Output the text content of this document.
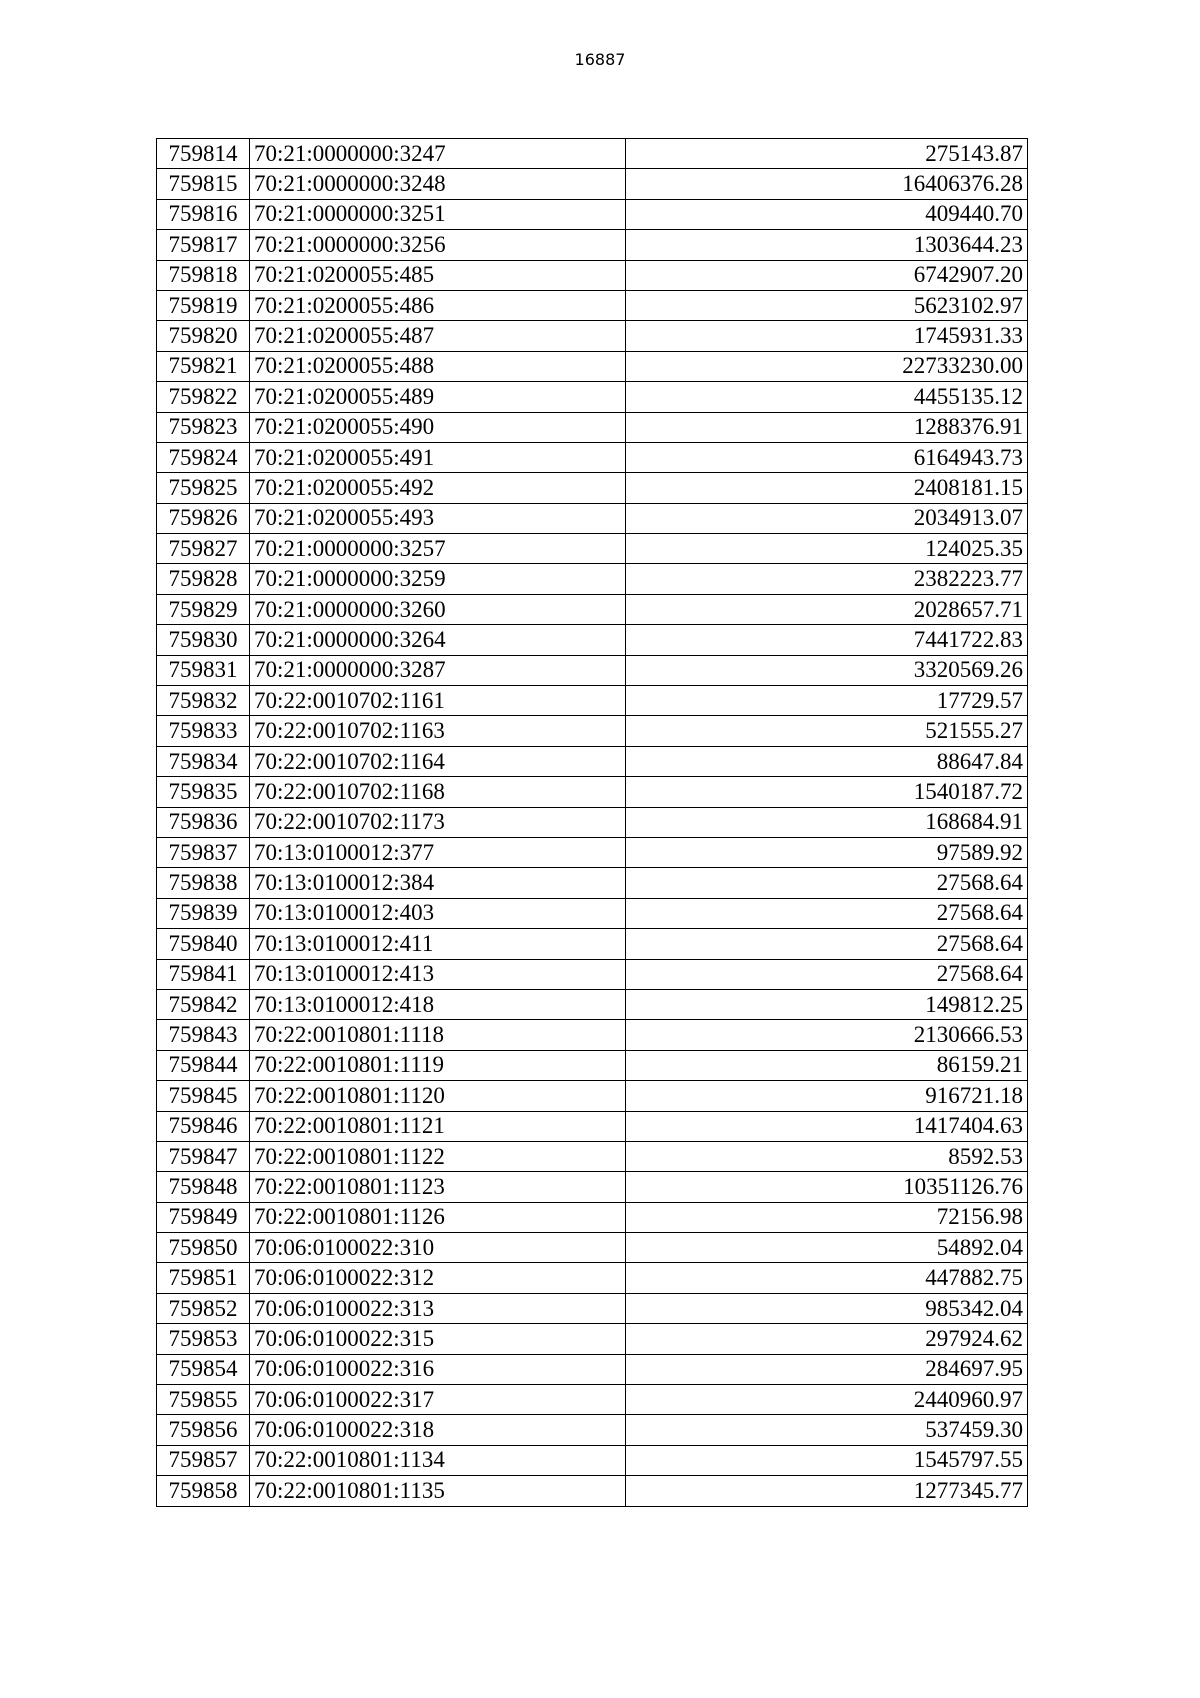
16887
759814	70:21:0000000:3247	275143.87
759815	70:21:0000000:3248	16406376.28
759816	70:21:0000000:3251	409440.70
759817	70:21:0000000:3256	1303644.23
759818	70:21:0200055:485	6742907.20
759819	70:21:0200055:486	5623102.97
759820	70:21:0200055:487	1745931.33
759821	70:21:0200055:488	22733230.00
759822	70:21:0200055:489	4455135.12
759823	70:21:0200055:490	1288376.91
759824	70:21:0200055:491	6164943.73
759825	70:21:0200055:492	2408181.15
759826	70:21:0200055:493	2034913.07
759827	70:21:0000000:3257	124025.35
759828	70:21:0000000:3259	2382223.77
759829	70:21:0000000:3260	2028657.71
759830	70:21:0000000:3264	7441722.83
759831	70:21:0000000:3287	3320569.26
759832	70:22:0010702:1161	17729.57
759833	70:22:0010702:1163	521555.27
759834	70:22:0010702:1164	88647.84
759835	70:22:0010702:1168	1540187.72
759836	70:22:0010702:1173	168684.91
759837	70:13:0100012:377	97589.92
759838	70:13:0100012:384	27568.64
759839	70:13:0100012:403	27568.64
759840	70:13:0100012:411	27568.64
759841	70:13:0100012:413	27568.64
759842	70:13:0100012:418	149812.25
759843	70:22:0010801:1118	2130666.53
759844	70:22:0010801:1119	86159.21
759845	70:22:0010801:1120	916721.18
759846	70:22:0010801:1121	1417404.63
759847	70:22:0010801:1122	8592.53
759848	70:22:0010801:1123	10351126.76
759849	70:22:0010801:1126	72156.98
759850	70:06:0100022:310	54892.04
759851	70:06:0100022:312	447882.75
759852	70:06:0100022:313	985342.04
759853	70:06:0100022:315	297924.62
759854	70:06:0100022:316	284697.95
759855	70:06:0100022:317	2440960.97
759856	70:06:0100022:318	537459.30
759857	70:22:0010801:1134	1545797.55
759858	70:22:0010801:1135	1277345.77
